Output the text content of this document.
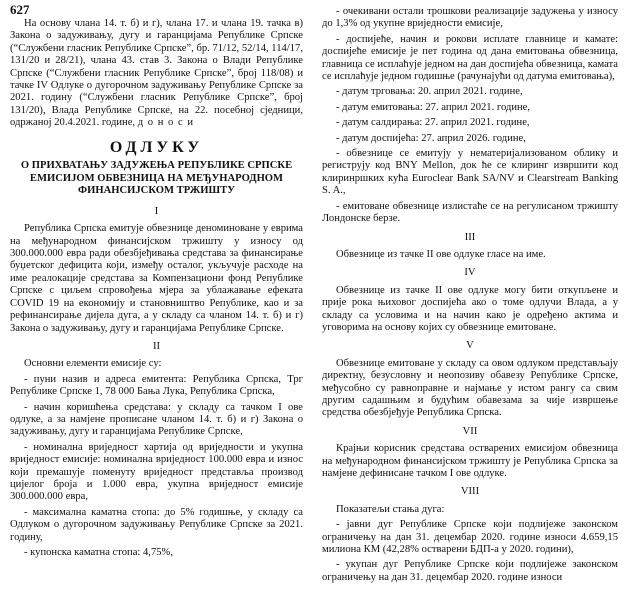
627

На основу члана 14. т. б) и г), члана 17. и члана 19. тачка в) Закона о задуживању, дугу и гаранцијама Републике Српске (“Службени гласник Републике Српске”, бр. 71/12, 52/14, 114/17, 131/20 и 28/21), члана 43. став 3. Закона о Влади Републике Српске (“Службени гласник Републике Српске”, број 118/08) и тачке IV Одлуке о дугорочном задуживању Републике Српске за 2021. годину (“Службени гласник Републике Српске”, број 131/20), Влада Републике Српске, на 22. посебној сједници, одржаној 20.4.2021. године, д о н о с и

ОДЛУКУ
О ПРИХВАТАЊУ ЗАДУЖЕЊА РЕПУБЛИКЕ СРПСКЕ ЕМИСИЈОМ ОБВЕЗНИЦА НА МЕЂУНАРОДНОМ ФИНАНСИЈСКОМ ТРЖИШТУ
I

Република Српска емитује обвезнице деноминоване у еврима на међународном финансијском тржишту у износу од 300.000.000 евра ради обезбјеђивања средстава за финансирање буџетског дефицита који, између осталог, укључује расходе на име реалокације средстава за Компензациони фонд Републике Српске с циљем спровођења мјера за ублажавање ефеката COVID 19 на економију и становништво Републике, као и за рефинансирање дијела дуга, а у складу са чланом 14. т. б) и г) Закона о задуживању, дугу и гаранцијама Републике Српске.

II

Основни елементи емисије су:

- пуни назив и адреса емитента: Република Српска, Трг Републике Српске 1, 78 000 Бања Лука, Република Српска,

- начин коришћења средстава: у складу са тачком I ове одлуке, а за намјене прописане чланом 14. т. б) и г) Закона о задуживању, дугу и гаранцијама Републике Српске,

- номинална вриједност хартија од вриједности и укупна вриједност емисије: номинална вриједност 100.000 евра и износ који премашује поменуту вриједност представља производ цијелог броја и 1.000 евра, укупна вриједност емисије 300.000.000 евра,

- максимална каматна стопа: до 5% годишње, у складу са Одлуком о дугорочном задуживању Републике Српске за 2021. годину,

- купонска каматна стопа: 4,75%,

- очекивани остали трошкови реализације задужења у износу до 1,3% од укупне вриједности емисије,

- доспијеће, начин и рокови исплате главнице и камате: доспијеће емисије је пет година од дана емитовања обвезница, главница се исплаћује једном на дан доспијећа обвезница, камата се исплаћује једном годишње (рачунајући од датума емитовања),

- датум трговања: 20. април 2021. године,

- датум емитовања: 27. април 2021. године,

- датум салдирања: 27. април 2021. године,

- датум доспијећа: 27. април 2026. године,

- обвезнице се емитују у нематеријализованом облику и региструју код BNY Mellon, док ће се клиринг извршити код клиринршких кућа Euroclear Bank SA/NV и Clearstream Banking S. A.,

- емитоване обвезнице излистаће се на регулисаном тржишту Лондонске берзе.

III

Обвезнице из тачке II ове одлуке гласе на име.

IV

Обвезнице из тачке II ове одлуке могу бити откупљене и прије рока њиховог доспијећа ако о томе одлучи Влада, а у складу са условима и на начин како је одређено актима и уговорима на основу којих су обвезнице емитоване.

V

Обвезнице емитоване у складу са овом одлуком представљају директну, безусловну и неопозиву обавезу Републике Српске, међусобно су равноправне и најмање у истом рангу са свим другим садашњим и будућим обавезама за чије извршење средства обезбјеђује Република Српска.

VII

Крајњи корисник средстава остварених емисијом обвезница на међународном финансијском тржишту је Република Српска за намјене дефинисане тачком I ове одлуке.

VIII

Показатељи стања дуга:

- јавни дуг Републике Српске који подлијеже законском ограничењу на дан 31. децембар 2020. године износи 4.659,15 милиона КМ (42,28% остварени БДП-а у 2020. години),

- укупан дуг Републике Српске који подлијеже законском ограничењу на дан 31. децембар 2020. године износи
